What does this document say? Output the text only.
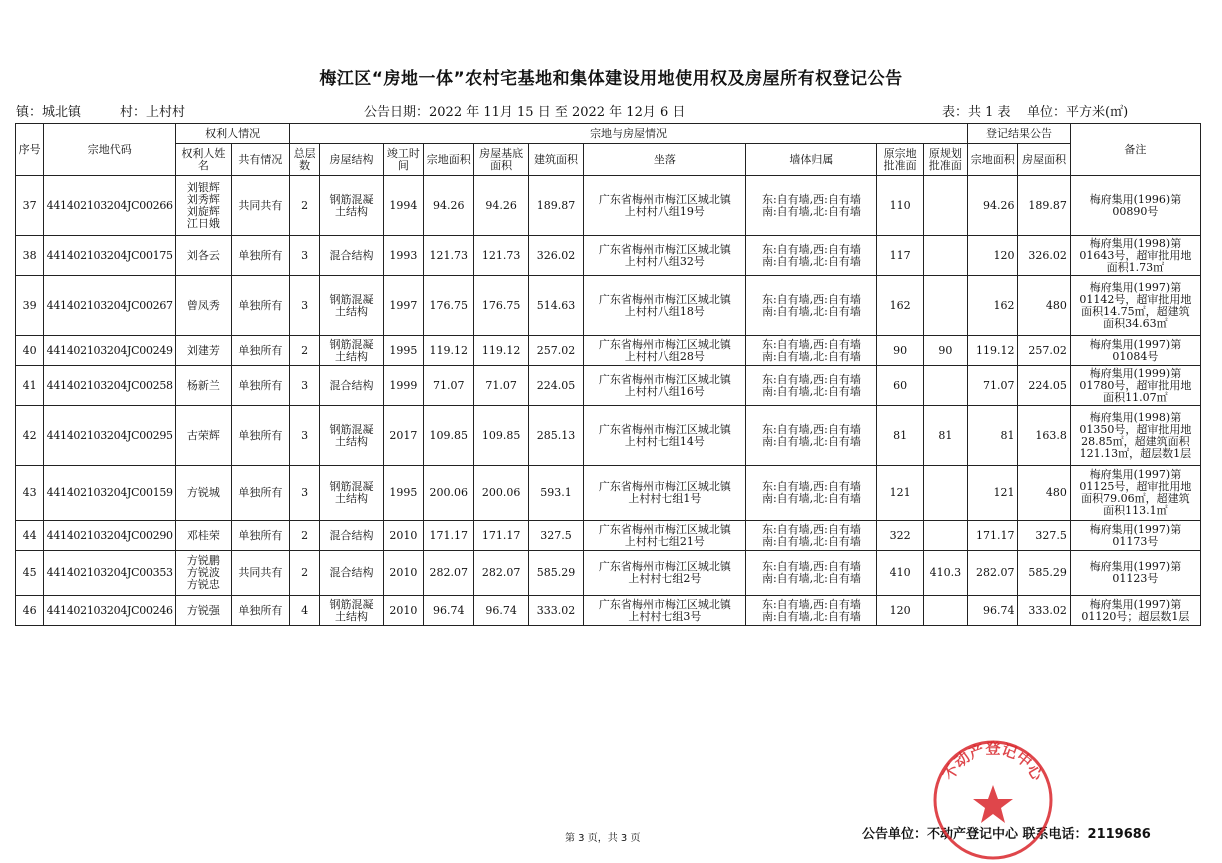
梅江区“房地一体”农村宅基地和集体建设用地使用权及房屋所有权登记公告
镇：城北镇	村：上村村	公告日期：2022 年 11月 15 日 至 2022 年 12月 6 日	表：共 1 表 单位：平方米(㎡)
序号	宗地代码	权利人情况		宗地与房屋情况										登记结果公告		备注
		权利人姓名	共有情况	总层数	房屋结构	竣工时间	宗地面积	房屋基底面积	建筑面积	坐落	墙体归属	原宗地批准面	原规划批准面	宗地面积	房屋面积	
37	441402103204JC00266	刘银辉
刘秀辉
刘旋辉
江日娥	共同共有	2	钢筋混凝
土结构	1994	94.26	94.26	189.87	广东省梅州市梅江区城北镇
上村村八组19号	东:自有墙,西:自有墙
南:自有墙,北:自有墙	110		94.26	189.87	梅府集用(1996)第
00890号
38	441402103204JC00175	刘各云	单独所有	3	混合结构	1993	121.73	121.73	326.02	广东省梅州市梅江区城北镇
上村村八组32号	东:自有墙,西:自有墙
南:自有墙,北:自有墙	117		120	326.02	梅府集用(1998)第
01643号，超审批用地
面积1.73㎡
39	441402103204JC00267	曾凤秀	单独所有	3	钢筋混凝
土结构	1997	176.75	176.75	514.63	广东省梅州市梅江区城北镇
上村村八组18号	东:自有墙,西:自有墙
南:自有墙,北:自有墙	162		162	480	梅府集用(1997)第
01142号，超审批用地
面积14.75㎡，超建筑
面积34.63㎡
40	441402103204JC00249	刘建芳	单独所有	2	钢筋混凝
土结构	1995	119.12	119.12	257.02	广东省梅州市梅江区城北镇
上村村八组28号	东:自有墙,西:自有墙
南:自有墙,北:自有墙	90	90	119.12	257.02	梅府集用(1997)第
01084号
41	441402103204JC00258	杨新兰	单独所有	3	混合结构	1999	71.07	71.07	224.05	广东省梅州市梅江区城北镇
上村村八组16号	东:自有墙,西:自有墙
南:自有墙,北:自有墙	60		71.07	224.05	梅府集用(1999)第
01780号，超审批用地
面积11.07㎡
42	441402103204JC00295	古荣辉	单独所有	3	钢筋混凝
土结构	2017	109.85	109.85	285.13	广东省梅州市梅江区城北镇
上村村七组14号	东:自有墙,西:自有墙
南:自有墙,北:自有墙	81	81	81	163.8	梅府集用(1998)第
01350号，超审批用地
28.85㎡，超建筑面积
121.13㎡，超层数1层
43	441402103204JC00159	方锐城	单独所有	3	钢筋混凝
土结构	1995	200.06	200.06	593.1	广东省梅州市梅江区城北镇
上村村七组1号	东:自有墙,西:自有墙
南:自有墙,北:自有墙	121		121	480	梅府集用(1997)第
01125号，超审批用地
面积79.06㎡，超建筑
面积113.1㎡
44	441402103204JC00290	邓桂荣	单独所有	2	混合结构	2010	171.17	171.17	327.5	广东省梅州市梅江区城北镇
上村村七组21号	东:自有墙,西:自有墙
南:自有墙,北:自有墙	322		171.17	327.5	梅府集用(1997)第
01173号
45	441402103204JC00353	方锐鹏
方锐波
方锐忠	共同共有	2	混合结构	2010	282.07	282.07	585.29	广东省梅州市梅江区城北镇
上村村七组2号	东:自有墙,西:自有墙
南:自有墙,北:自有墙	410	410.3	282.07	585.29	梅府集用(1997)第
01123号
46	441402103204JC00246	方锐强	单独所有	4	钢筋混凝
土结构	2010	96.74	96.74	333.02	广东省梅州市梅江区城北镇
上村村七组3号	东:自有墙,西:自有墙
南:自有墙,北:自有墙	120		96.74	333.02	梅府集用(1997)第
01120号；超层数1层
第 3 页，共 3 页	公告单位：不动产登记中心 联系电话：2119686
不动产登记中心
